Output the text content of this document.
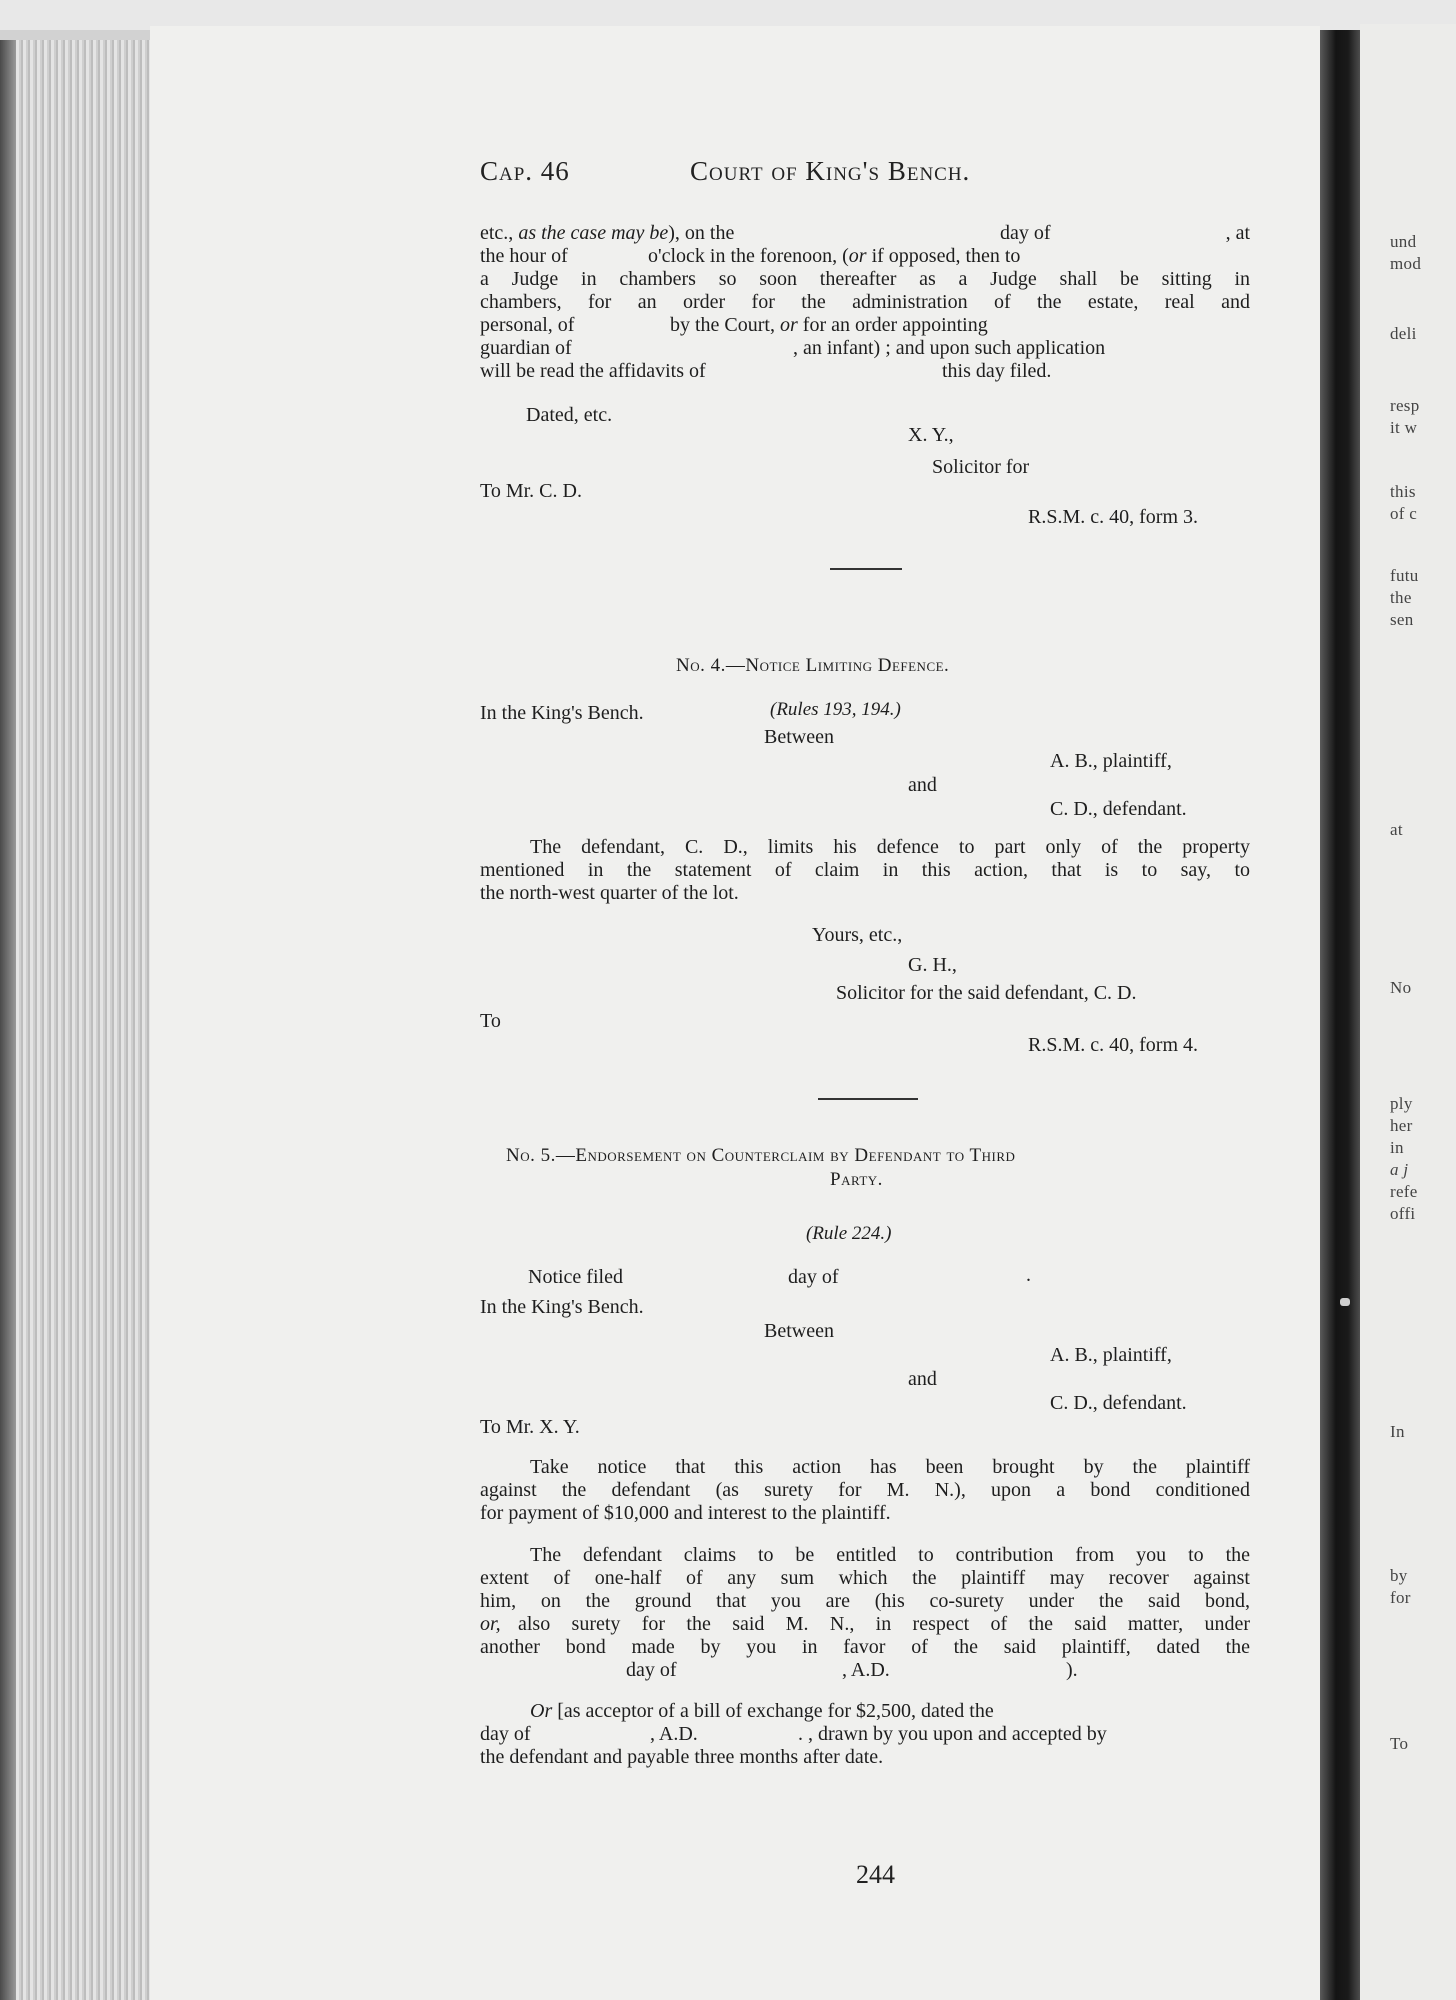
und
mod
deli
resp
it w
this
of c
futu
the
sen
at
No
ply
her
in
a j
refe
offi
In
by
for
To
Cap. 46	Court of King's Bench.
etc., as the case may be), on the	day of	, at
the hour of	o'clock in the forenoon, (or if opposed, then to
a Judge in chambers so soon thereafter as a Judge shall be sitting in
chambers, for an order for the administration of the estate, real and
personal, of	by the Court, or for an order appointing
guardian of	, an infant) ; and upon such application
will be read the affidavits of	this day filed.
Dated, etc.
X. Y.,
Solicitor for
To Mr. C. D.
R.S.M. c. 40, form 3.
No. 4.—Notice Limiting Defence.
(Rules 193, 194.)
In the King's Bench.
Between
A. B., plaintiff,
and
C. D., defendant.
The defendant, C. D., limits his defence to part only of the property
mentioned in the statement of claim in this action, that is to say, to
the north-west quarter of the lot.
Yours, etc.,
G. H.,
Solicitor for the said defendant, C. D.
To
R.S.M. c. 40, form 4.
No. 5.—Endorsement on Counterclaim by Defendant to Third
Party.
(Rule 224.)
Notice filed	day of	.
In the King's Bench.
Between
A. B., plaintiff,
and
C. D., defendant.
To Mr. X. Y.
Take notice that this action has been brought by the plaintiff
against the defendant (as surety for M. N.), upon a bond conditioned
for payment of $10,000 and interest to the plaintiff.
The defendant claims to be entitled to contribution from you to the
extent of one-half of any sum which the plaintiff may recover against
him, on the ground that you are (his co-surety under the said bond,
or, also surety for the said M. N., in respect of the said matter, under
another bond made by you in favor of the said plaintiff, dated the
day of	, A.D.	).
Or [as acceptor of a bill of exchange for $2,500, dated the
day of	, A.D.	. , drawn by you upon and accepted by
the defendant and payable three months after date.
244
